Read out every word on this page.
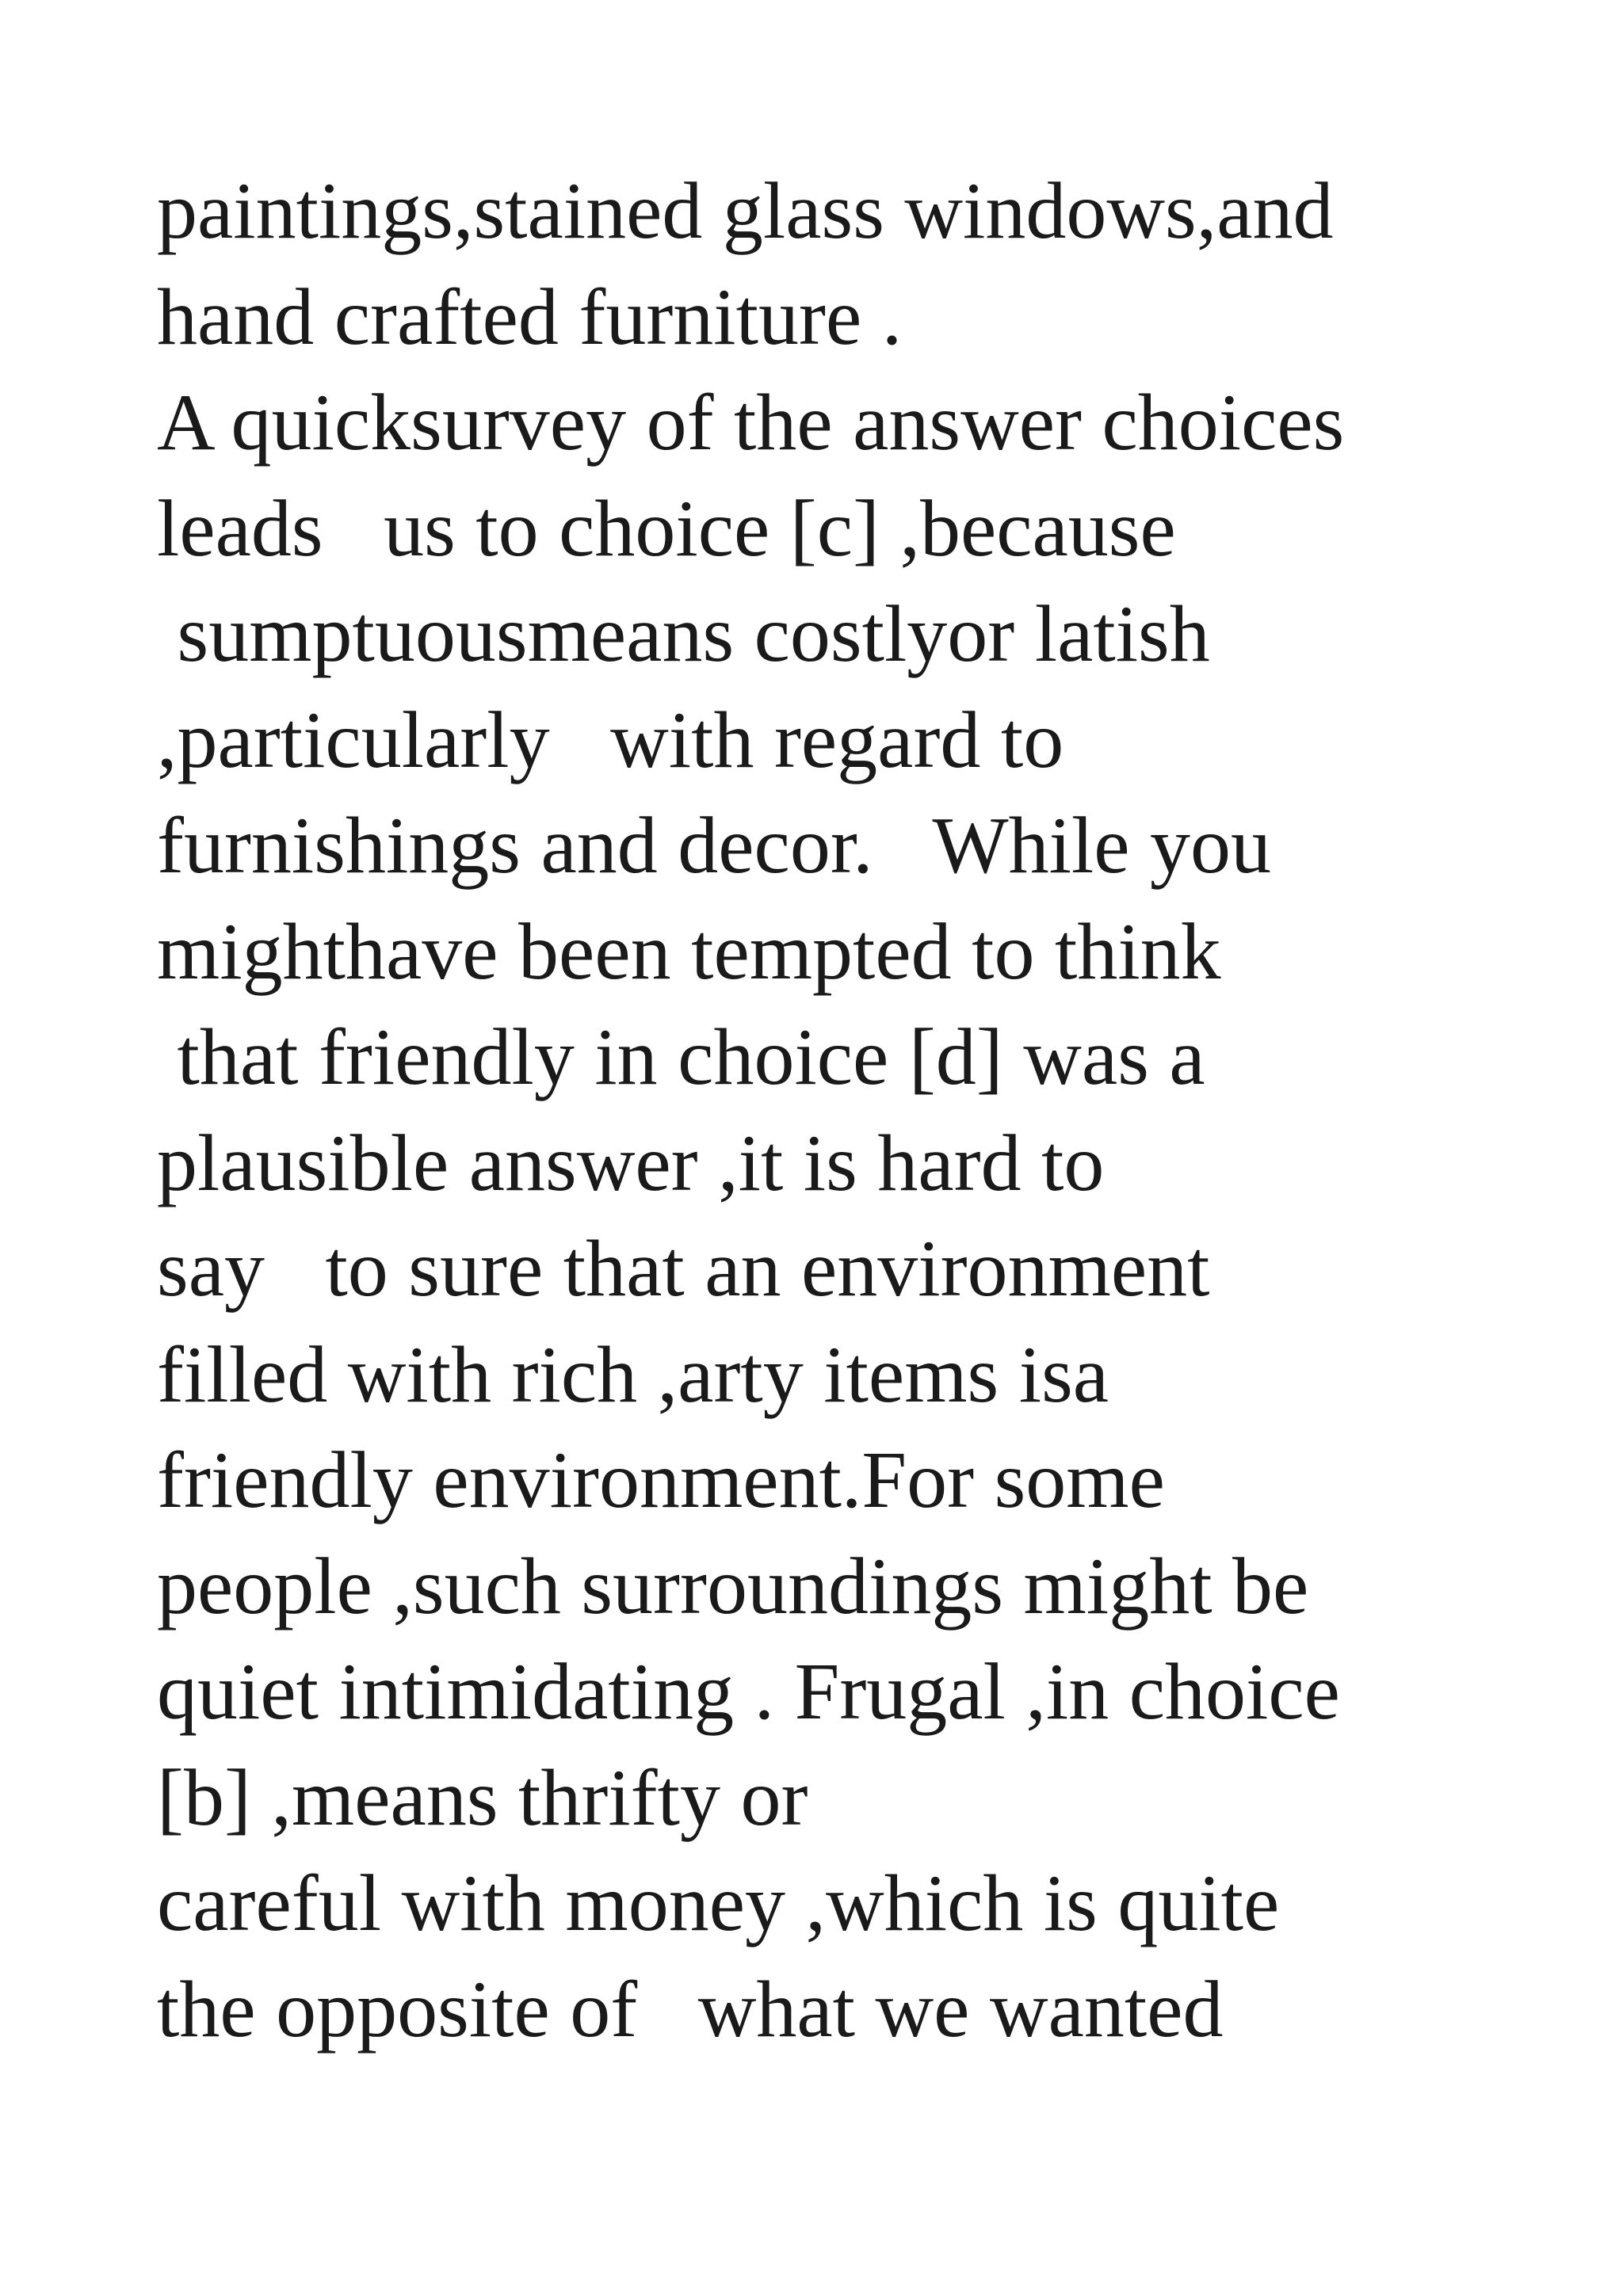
paintings,stained glass windows,and
hand crafted furniture .
A quicksurvey of the answer choices
leads   us to choice [c] ,because
sumptuousmeans costlyor latish
,particularly   with regard to
furnishings and decor.   While you
mighthave been tempted to think
that friendly in choice [d] was a
plausible answer ,it is hard to
say   to sure that an environment
filled with rich ,arty items isa
friendly environment.For some
people ,such surroundings might be
quiet intimidating . Frugal ,in choice
[b] ,means thrifty or
careful with money ,which is quite
the opposite of   what we wanted
